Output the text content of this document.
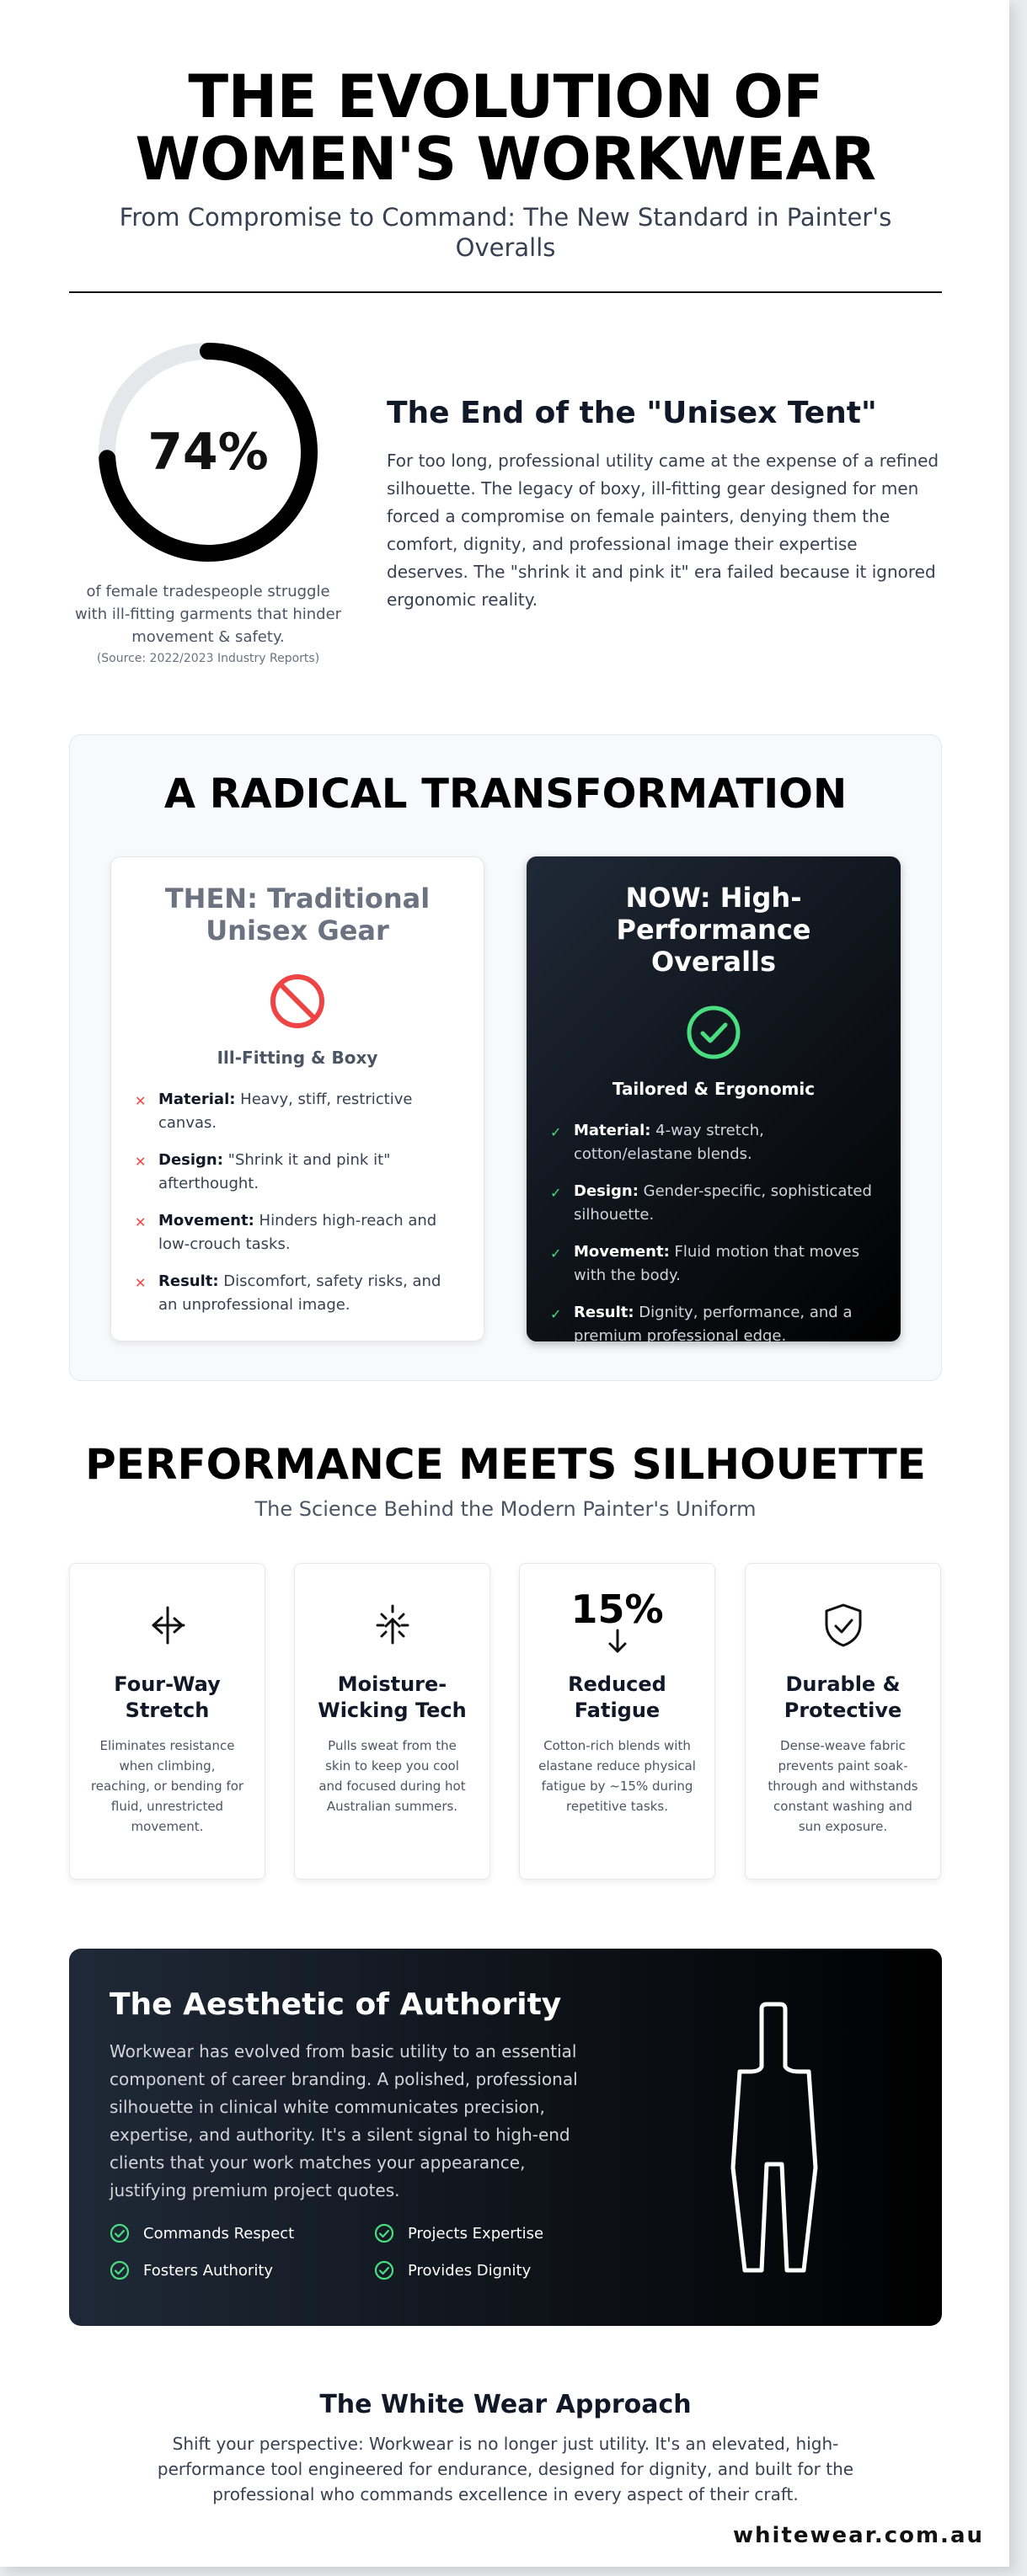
THE EVOLUTION OF
WOMEN'S WORKWEAR
From Compromise to Command: The New Standard in Painter's Overalls
74%
of female tradespeople struggle with ill-fitting garments that hinder movement & safety.
(Source: 2022/2023 Industry Reports)
The End of the "Unisex Tent"

For too long, professional utility came at the expense of a refined silhouette. The legacy of boxy, ill-fitting gear designed for men forced a compromise on female painters, denying them the comfort, dignity, and professional image their expertise deserves. The "shrink it and pink it" era failed because it ignored ergonomic reality.

A RADICAL TRANSFORMATION
THEN: Traditional Unisex Gear
Ill-Fitting & Boxy
✕ Material: Heavy, stiff, restrictive canvas.
✕ Design: "Shrink it and pink it" afterthought.
✕ Movement: Hinders high-reach and low-crouch tasks.
✕ Result: Discomfort, safety risks, and an unprofessional image.
NOW: High-Performance Overalls
Tailored & Ergonomic
✓ Material: 4-way stretch, cotton/elastane blends.
✓ Design: Gender-specific, sophisticated silhouette.
✓ Movement: Fluid motion that moves with the body.
✓ Result: Dignity, performance, and a premium professional edge.
PERFORMANCE MEETS SILHOUETTE
The Science Behind the Modern Painter's Uniform
Four-Way Stretch

Eliminates resistance when climbing, reaching, or bending for fluid, unrestricted movement.

Moisture-Wicking Tech

Pulls sweat from the skin to keep you cool and focused during hot Australian summers.

15%
Reduced Fatigue

Cotton-rich blends with elastane reduce physical fatigue by ~15% during repetitive tasks.

Durable & Protective

Dense-weave fabric prevents paint soak-through and withstands constant washing and sun exposure.

The Aesthetic of Authority

Workwear has evolved from basic utility to an essential component of career branding. A polished, professional silhouette in clinical white communicates precision, expertise, and authority. It's a silent signal to high-end clients that your work matches your appearance, justifying premium project quotes.

Commands Respect	Projects Expertise
Fosters Authority	Provides Dignity
The White Wear Approach

Shift your perspective: Workwear is no longer just utility. It's an elevated, high-performance tool engineered for endurance, designed for dignity, and built for the professional who commands excellence in every aspect of their craft.

whitewear.com.au
